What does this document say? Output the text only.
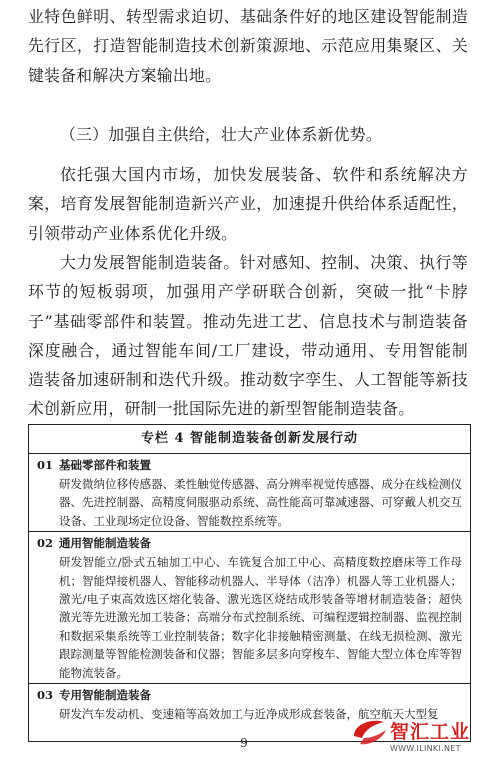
业特色鲜明、转型需求迫切、基础条件好的地区建设智能制造先行区，打造智能制造技术创新策源地、示范应用集聚区、关键装备和解决方案输出地。

（三）加强自主供给，壮大产业体系新优势。

依托强大国内市场，加快发展装备、软件和系统解决方案，培育发展智能制造新兴产业，加速提升供给体系适配性，引领带动产业体系优化升级。

大力发展智能制造装备。针对感知、控制、决策、执行等环节的短板弱项，加强用产学研联合创新，突破一批“卡脖子”基础零部件和装置。推动先进工艺、信息技术与制造装备深度融合，通过智能车间/工厂建设，带动通用、专用智能制造装备加速研制和迭代升级。推动数字孪生、人工智能等新技术创新应用，研制一批国际先进的新型智能制造装备。

专栏 4 智能制造装备创新发展行动
01 基础零部件和装置
研发微纳位移传感器、柔性触觉传感器、高分辨率视觉传感器、成分在线检测仪器、先进控制器、高精度伺服驱动系统、高性能高可靠减速器、可穿戴人机交互设备、工业现场定位设备、智能数控系统等。
02 通用智能制造装备
研发智能立/卧式五轴加工中心、车铣复合加工中心、高精度数控磨床等工作母机；智能焊接机器人、智能移动机器人、半导体（洁净）机器人等工业机器人；激光/电子束高效选区熔化装备、激光选区烧结成形装备等增材制造装备；超快激光等先进激光加工装备；高端分布式控制系统、可编程逻辑控制器、监视控制和数据采集系统等工业控制装备；数字化非接触精密测量、在线无损检测、激光跟踪测量等智能检测装备和仪器；智能多层多向穿梭车、智能大型立体仓库等智能物流装备。
03 专用智能制造装备
研发汽车发动机、变速箱等高效加工与近净成形成套装备，航空航天大型复
9	智汇工业
WWW.ILINKI.NET
